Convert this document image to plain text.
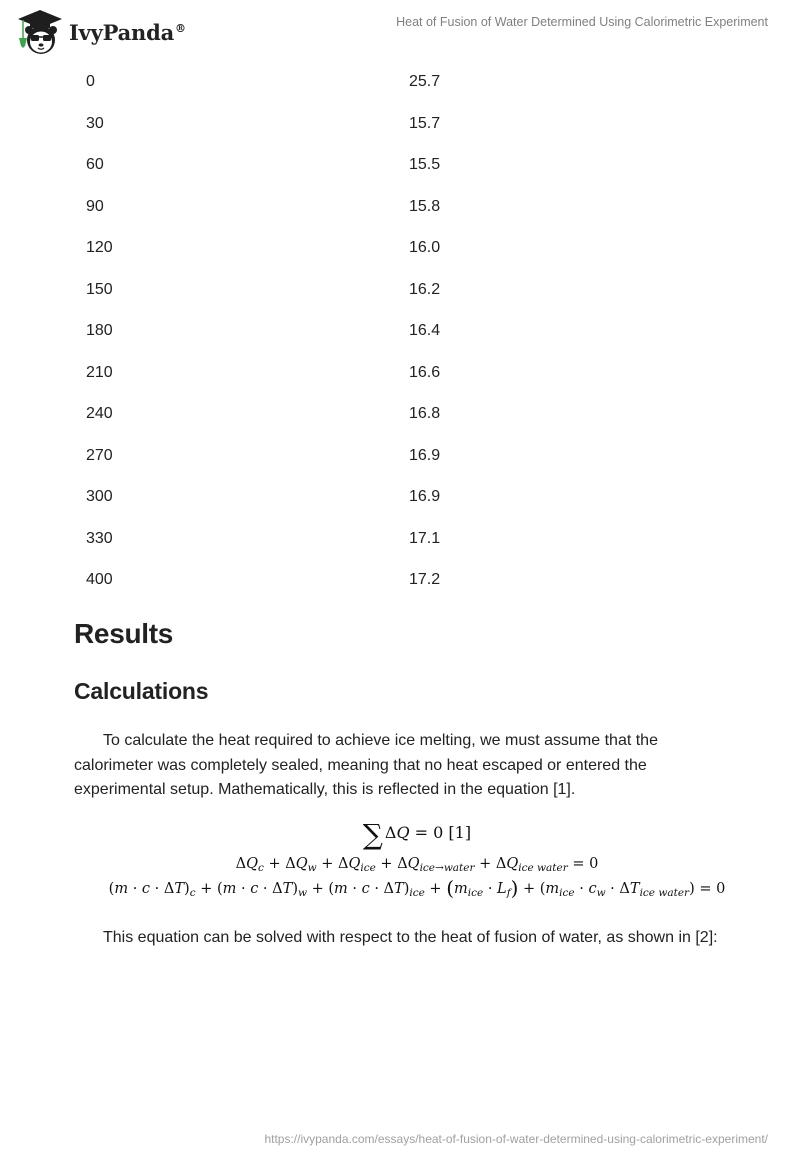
IvyPanda®	Heat of Fusion of Water Determined Using Calorimetric Experiment
0	25.7
30	15.7
60	15.5
90	15.8
120	16.0
150	16.2
180	16.4
210	16.6
240	16.8
270	16.9
300	16.9
330	17.1
400	17.2
Results
Calculations

To calculate the heat required to achieve ice melting, we must assume that the calorimeter was completely sealed, meaning that no heat escaped or entered the experimental setup. Mathematically, this is reflected in the equation [1].

∑ ΔQ = 0 [1]
$\Delta Q_c + \Delta Q_w + \Delta Q_{ice} + \Delta Q_{ice\to water} + \Delta Q_{ice water} = 0$
$(m \cdot c \cdot \Delta T)_c + (m \cdot c \cdot \Delta T)_w + (m \cdot c \cdot \Delta T)_{ice} + (m_{ice} \cdot L_f) + (m_{ice} \cdot c_w \cdot \Delta T_{ice water}) = 0$

This equation can be solved with respect to the heat of fusion of water, as shown in [2]:

https://ivypanda.com/essays/heat-of-fusion-of-water-determined-using-calorimetric-experiment/
